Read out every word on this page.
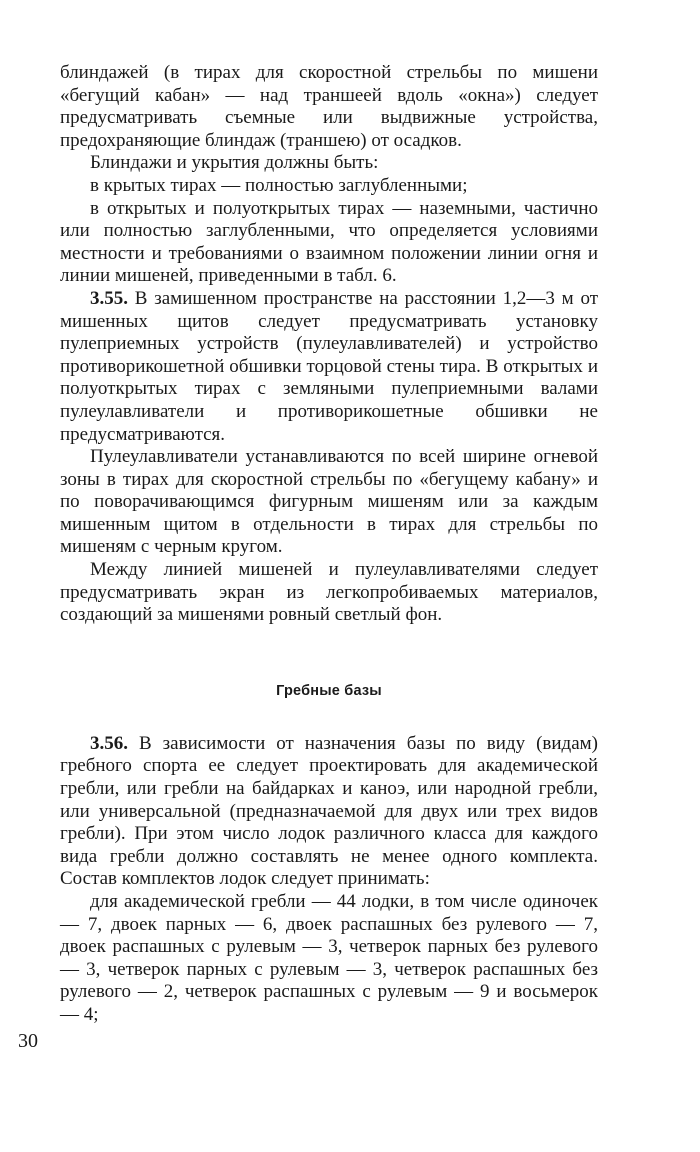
блиндажей (в тирах для скоростной стрельбы по мишени «бегущий кабан» — над траншеей вдоль «окна») следует предусматривать съемные или выдвижные устройства, предохраняющие блиндаж (траншею) от осадков.

Блиндажи и укрытия должны быть:

в крытых тирах — полностью заглубленными;

в открытых и полуоткрытых тирах — наземными, частично или полностью заглубленными, что определяется условиями местности и требованиями о взаимном положении линии огня и линии мишеней, приведенными в табл. 6.

3.55. В замишенном пространстве на расстоянии 1,2—3 м от мишенных щитов следует предусматривать установку пулеприемных устройств (пулеулавливателей) и устройство противорикошетной обшивки торцовой стены тира. В открытых и полуоткрытых тирах с земляными пулеприемными валами пулеулавливатели и противорикошетные обшивки не предусматриваются.

Пулеулавливатели устанавливаются по всей ширине огневой зоны в тирах для скоростной стрельбы по «бегущему кабану» и по поворачивающимся фигурным мишеням или за каждым мишенным щитом в отдельности в тирах для стрельбы по мишеням с черным кругом.

Между линией мишеней и пулеулавливателями следует предусматривать экран из легкопробиваемых материалов, создающий за мишенями ровный светлый фон.

Гребные базы

3.56. В зависимости от назначения базы по виду (видам) гребного спорта ее следует проектировать для академической гребли, или гребли на байдарках и каноэ, или народной гребли, или универсальной (предназначаемой для двух или трех видов гребли). При этом число лодок различного класса для каждого вида гребли должно составлять не менее одного комплекта. Состав комплектов лодок следует принимать:

для академической гребли — 44 лодки, в том числе одиночек — 7, двоек парных — 6, двоек распашных без рулевого — 7, двоек распашных с рулевым — 3, четверок парных без рулевого — 3, четверок парных с рулевым — 3, четверок распашных без рулевого — 2, четверок распашных с рулевым — 9 и восьмерок — 4;

30
